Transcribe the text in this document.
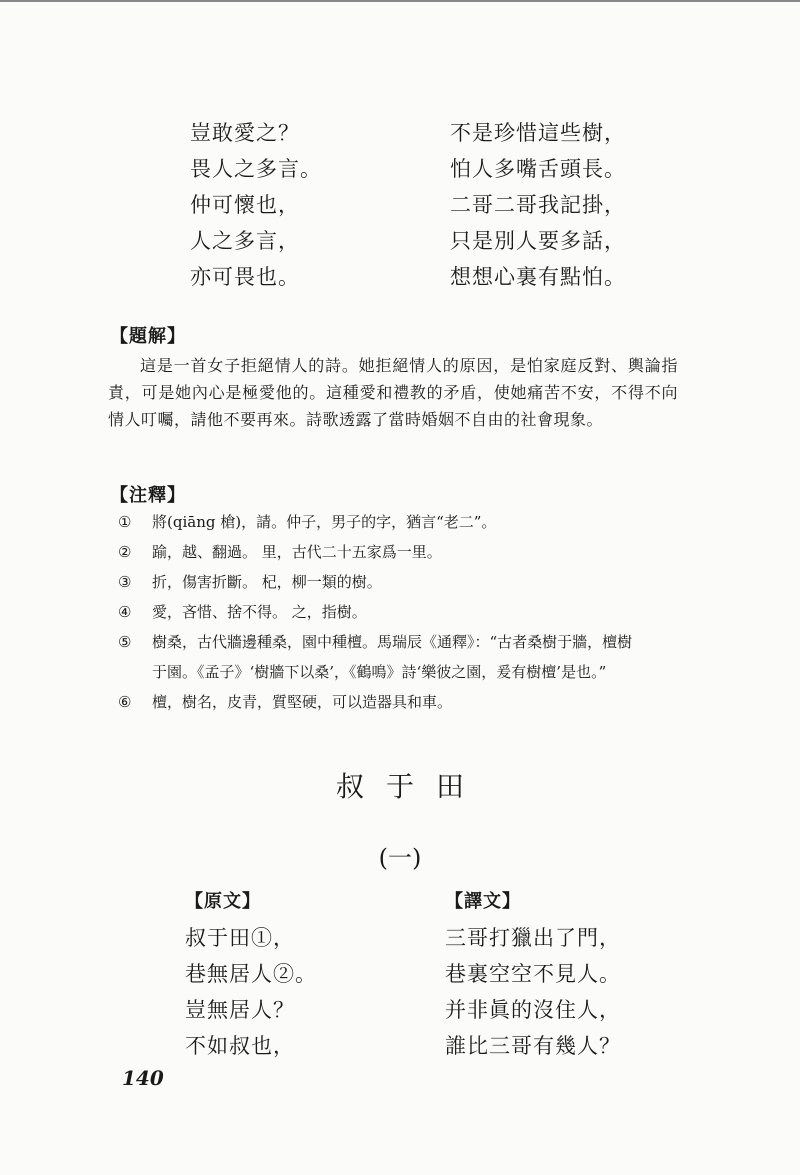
豈敢愛之？
畏人之多言。
仲可懷也，
人之多言，
亦可畏也。
不是珍惜這些樹，
怕人多嘴舌頭長。
二哥二哥我記掛，
只是別人要多話，
想想心裏有點怕。
【題解】
這是一首女子拒絕情人的詩。她拒絕情人的原因，是怕家庭反對、輿論指責，可是她內心是極愛他的。這種愛和禮教的矛盾，使她痛苦不安，不得不向情人叮囑，請他不要再來。詩歌透露了當時婚姻不自由的社會現象。
【注釋】
① 將(qiāng 槍)，請。仲子，男子的字，猶言“老二”。
② 踰，越、翻過。 里，古代二十五家爲一里。
③ 折，傷害折斷。 杞，柳一類的樹。
④ 愛，吝惜、捨不得。 之，指樹。
⑤ 樹桑，古代牆邊種桑，園中種檀。馬瑞辰《通釋》：“古者桑樹于牆，檀樹
于園。《孟子》‘樹牆下以桑’，《鶴鳴》詩‘樂彼之園，爰有樹檀’是也。”
⑥ 檀，樹名，皮青，質堅硬，可以造器具和車。
叔于田
(一)
【原文】
叔于田①，
巷無居人②。
豈無居人？
不如叔也，
【譯文】
三哥打獵出了門，
巷裏空空不見人。
并非眞的沒住人，
誰比三哥有幾人？
140
